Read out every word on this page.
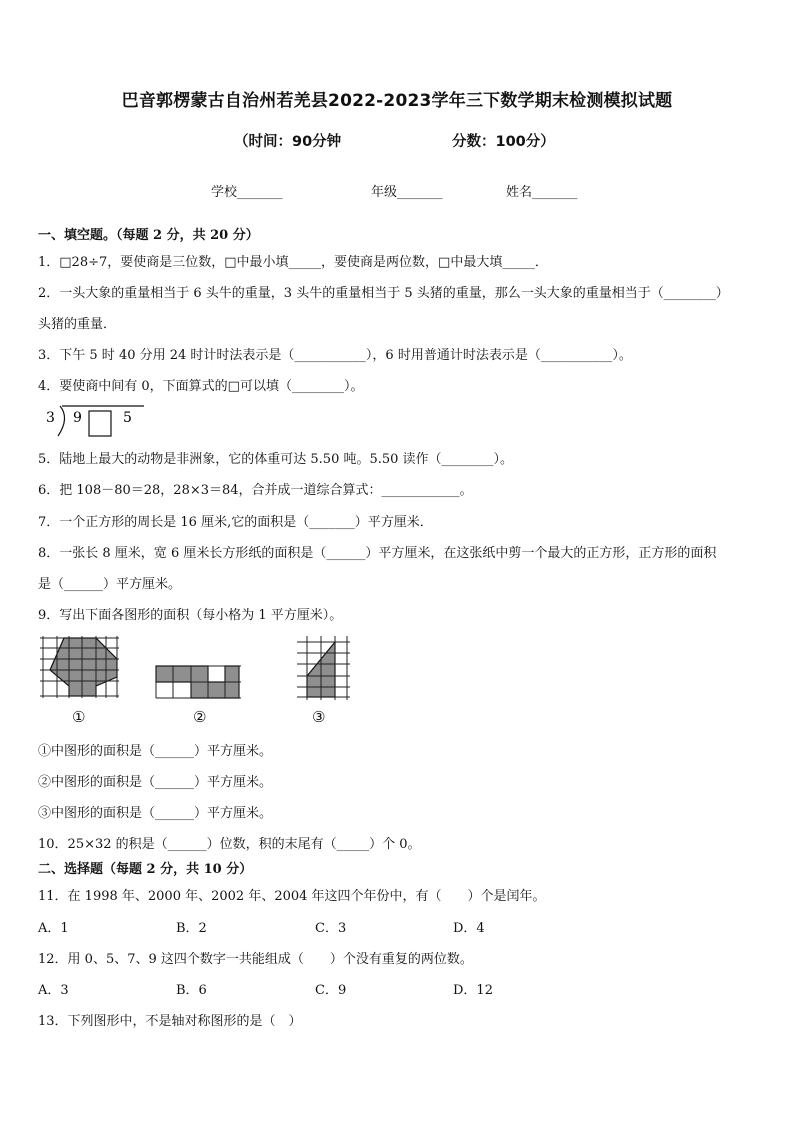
巴音郭楞蒙古自治州若羌县2022-2023学年三下数学期末检测模拟试题
（时间：90分钟	分数：100分）
学校_______	年级_______	姓名_______
一、填空题。（每题 2 分，共 20 分）
1．□28÷7，要使商是三位数，□中最小填_____，要使商是两位数，□中最大填_____．
2．一头大象的重量相当于 6 头牛的重量，3 头牛的重量相当于 5 头猪的重量，那么一头大象的重量相当于（________）
头猪的重量．
3．下午 5 时 40 分用 24 时计时法表示是（___________），6 时用普通计时法表示是（___________）。
4．要使商中间有 0，下面算式的□可以填（________）。
3 9	5
5．陆地上最大的动物是非洲象，它的体重可达 5.50 吨。5.50 读作（________）。
6．把 108－80＝28，28×3＝84，合并成一道综合算式：____________。
7．一个正方形的周长是 16 厘米,它的面积是（_______）平方厘米．
8．一张长 8 厘米，宽 6 厘米长方形纸的面积是（______）平方厘米，在这张纸中剪一个最大的正方形，正方形的面积
是（______）平方厘米。
9．写出下面各图形的面积（每小格为 1 平方厘米）。
①	②	③
①中图形的面积是（______）平方厘米。
②中图形的面积是（______）平方厘米。
③中图形的面积是（______）平方厘米。
10．25×32 的积是（______）位数，积的末尾有（_____）个 0。
二、选择题（每题 2 分，共 10 分）
11．在 1998 年、2000 年、2002 年、2004 年这四个年份中，有（　　）个是闰年。
A．1	B．2	C．3	D．4
12．用 0、5、7、9 这四个数字一共能组成（　　）个没有重复的两位数。
A．3	B．6	C．9	D．12
13．下列图形中，不是轴对称图形的是（　）
